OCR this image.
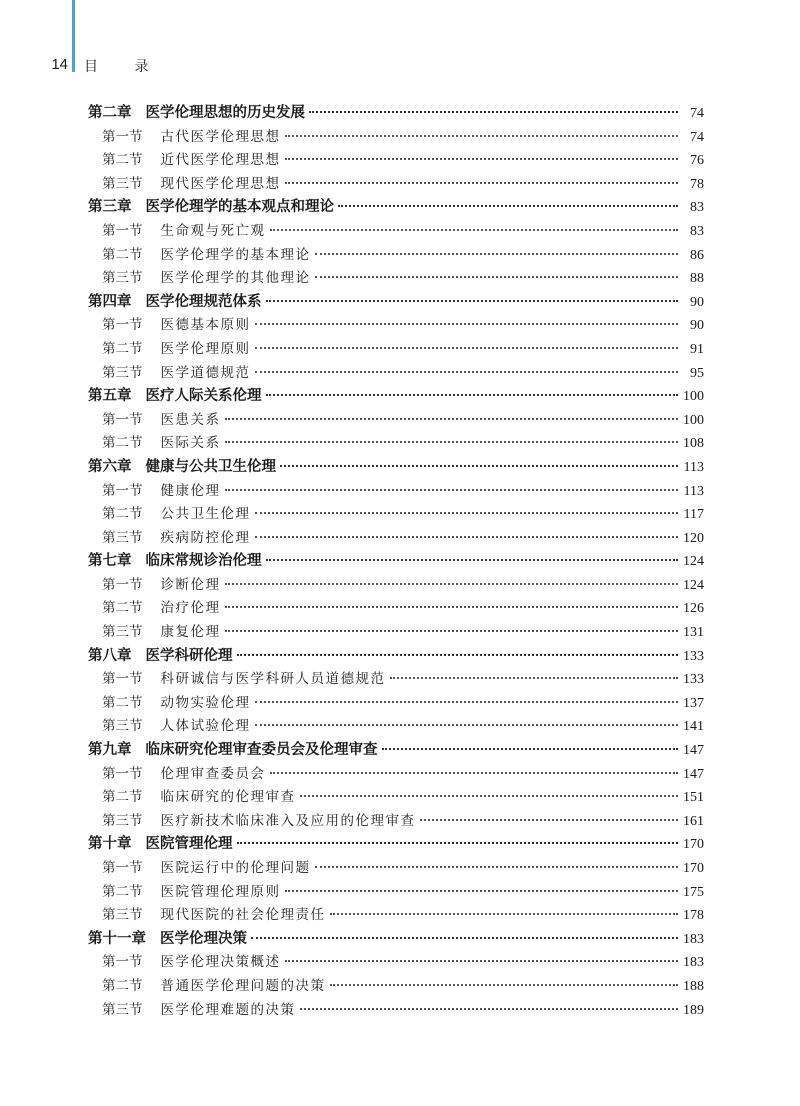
14 目 录
第二章 医学伦理思想的历史发展	74
第一节 古代医学伦理思想	74
第二节 近代医学伦理思想	76
第三节 现代医学伦理思想	78
第三章 医学伦理学的基本观点和理论	83
第一节 生命观与死亡观	83
第二节 医学伦理学的基本理论	86
第三节 医学伦理学的其他理论	88
第四章 医学伦理规范体系	90
第一节 医德基本原则	90
第二节 医学伦理原则	91
第三节 医学道德规范	95
第五章 医疗人际关系伦理	100
第一节 医患关系	100
第二节 医际关系	108
第六章 健康与公共卫生伦理	113
第一节 健康伦理	113
第二节 公共卫生伦理	117
第三节 疾病防控伦理	120
第七章 临床常规诊治伦理	124
第一节 诊断伦理	124
第二节 治疗伦理	126
第三节 康复伦理	131
第八章 医学科研伦理	133
第一节 科研诚信与医学科研人员道德规范	133
第二节 动物实验伦理	137
第三节 人体试验伦理	141
第九章 临床研究伦理审查委员会及伦理审查	147
第一节 伦理审查委员会	147
第二节 临床研究的伦理审查	151
第三节 医疗新技术临床准入及应用的伦理审查	161
第十章 医院管理伦理	170
第一节 医院运行中的伦理问题	170
第二节 医院管理伦理原则	175
第三节 现代医院的社会伦理责任	178
第十一章 医学伦理决策	183
第一节 医学伦理决策概述	183
第二节 普通医学伦理问题的决策	188
第三节 医学伦理难题的决策	189
